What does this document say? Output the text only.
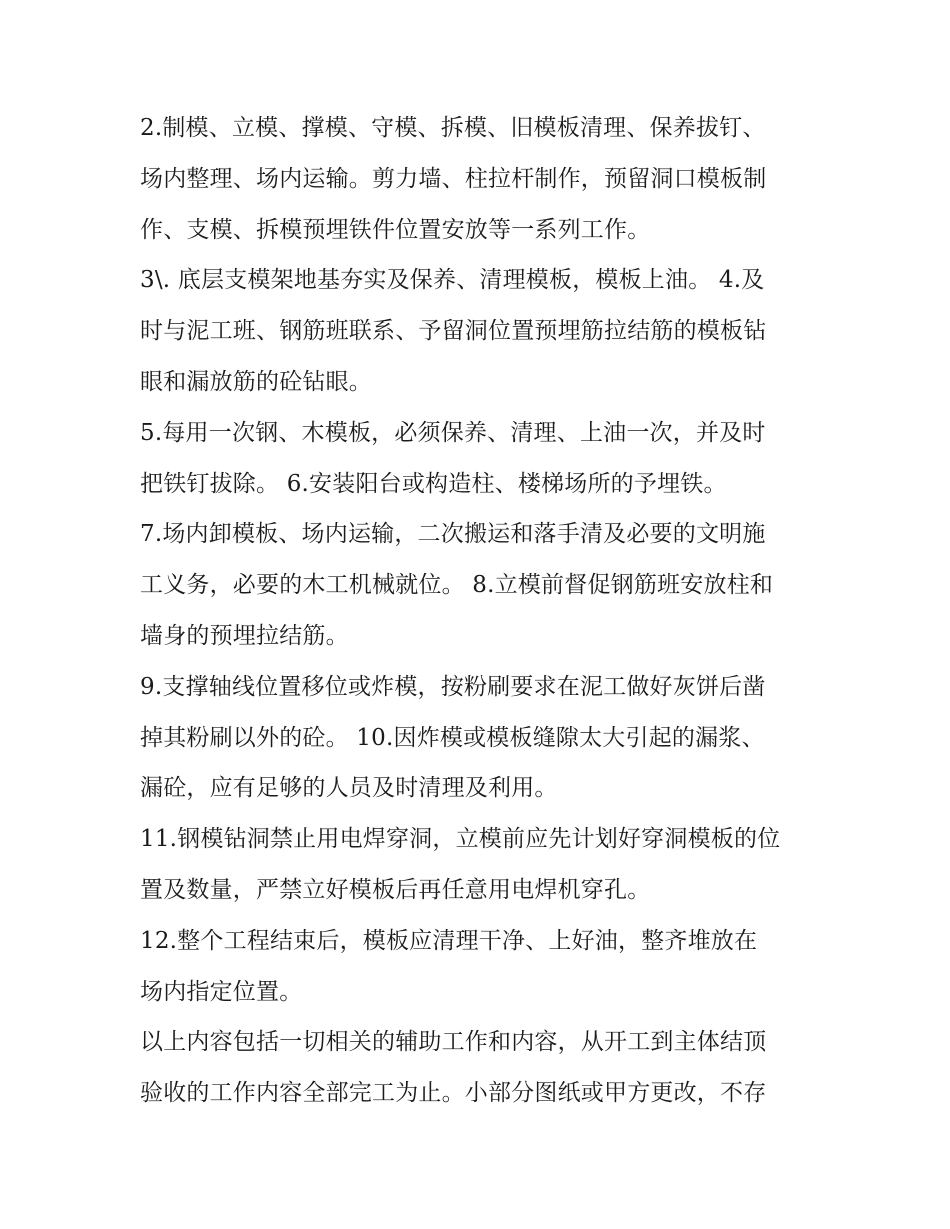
2.制模、立模、撑模、守模、拆模、旧模板清理、保养拔钉、
场内整理、场内运输。剪力墙、柱拉杆制作，预留洞口模板制
作、支模、拆模预埋铁件位置安放等一系列工作。
3\. 底层支模架地基夯实及保养、清理模板，模板上油。 4.及
时与泥工班、钢筋班联系、予留洞位置预埋筋拉结筋的模板钻
眼和漏放筋的砼钻眼。
5.每用一次钢、木模板，必须保养、清理、上油一次，并及时
把铁钉拔除。 6.安装阳台或构造柱、楼梯场所的予埋铁。
7.场内卸模板、场内运输，二次搬运和落手清及必要的文明施
工义务，必要的木工机械就位。 8.立模前督促钢筋班安放柱和
墙身的预埋拉结筋。
9.支撑轴线位置移位或炸模，按粉刷要求在泥工做好灰饼后凿
掉其粉刷以外的砼。 10.因炸模或模板缝隙太大引起的漏浆、
漏砼，应有足够的人员及时清理及利用。
11.钢模钻洞禁止用电焊穿洞，立模前应先计划好穿洞模板的位
置及数量，严禁立好模板后再任意用电焊机穿孔。
12.整个工程结束后，模板应清理干净、上好油，整齐堆放在
场内指定位置。
以上内容包括一切相关的辅助工作和内容，从开工到主体结顶
验收的工作内容全部完工为止。小部分图纸或甲方更改，不存
